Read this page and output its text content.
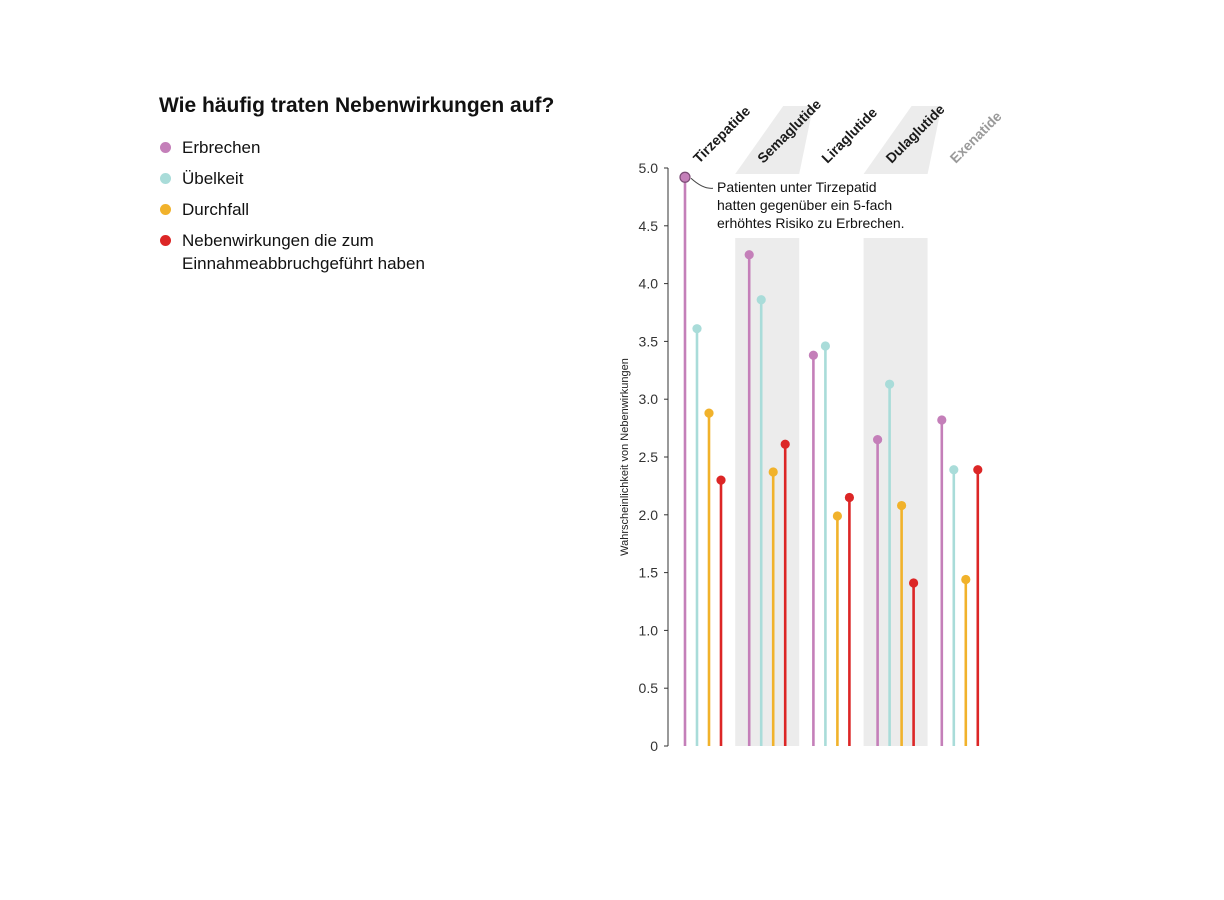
Wie häufig traten Nebenwirkungen auf?
Erbrechen
Übelkeit
Durchfall
Nebenwirkungen die zum Einnahmeabbruchgeführt haben
0
0.5
1.0
1.5
2.0
2.5
3.0
3.5
4.0
4.5
5.0
Wahrscheinlichkeit von Nebenwirkungen
Tirzepatide Semaglutide
Liraglutide Dulaglutide
Exenatide
Patienten unter Tirzepatid hatten gegenüber ein 5-fach erhöhtes Risiko zu Erbrechen.
